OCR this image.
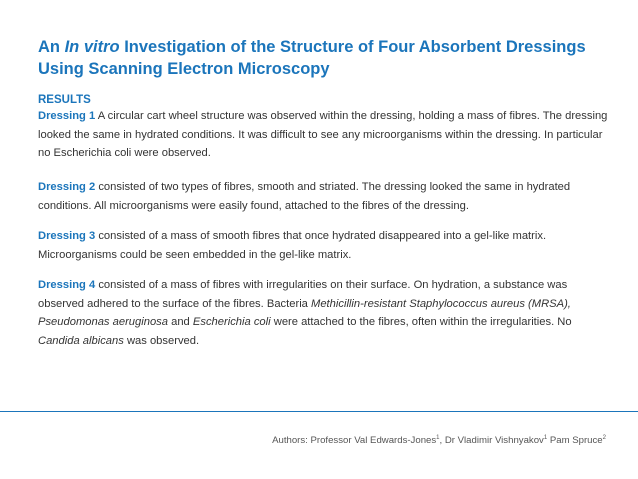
An In vitro Investigation of the Structure of Four Absorbent Dressings Using Scanning Electron Microscopy
RESULTS

Dressing 1 A circular cart wheel structure was observed within the dressing, holding a mass of fibres. The dressing looked the same in hydrated conditions. It was difficult to see any microorganisms within the dressing. In particular no Escherichia coli were observed.

Dressing 2 consisted of two types of fibres, smooth and striated. The dressing looked the same in hydrated conditions. All microorganisms were easily found, attached to the fibres of the dressing.

Dressing 3 consisted of a mass of smooth fibres that once hydrated disappeared into a gel-like matrix. Microorganisms could be seen embedded in the gel-like matrix.

Dressing 4 consisted of a mass of fibres with irregularities on their surface. On hydration, a substance was observed adhered to the surface of the fibres. Bacteria Methicillin-resistant Staphylococcus aureus (MRSA), Pseudomonas aeruginosa and Escherichia coli were attached to the fibres, often within the irregularities. No Candida albicans was observed.

Authors: Professor Val Edwards-Jones$^1$, Dr Vladimir Vishnyakov$^1$ Pam Spruce$^2$
